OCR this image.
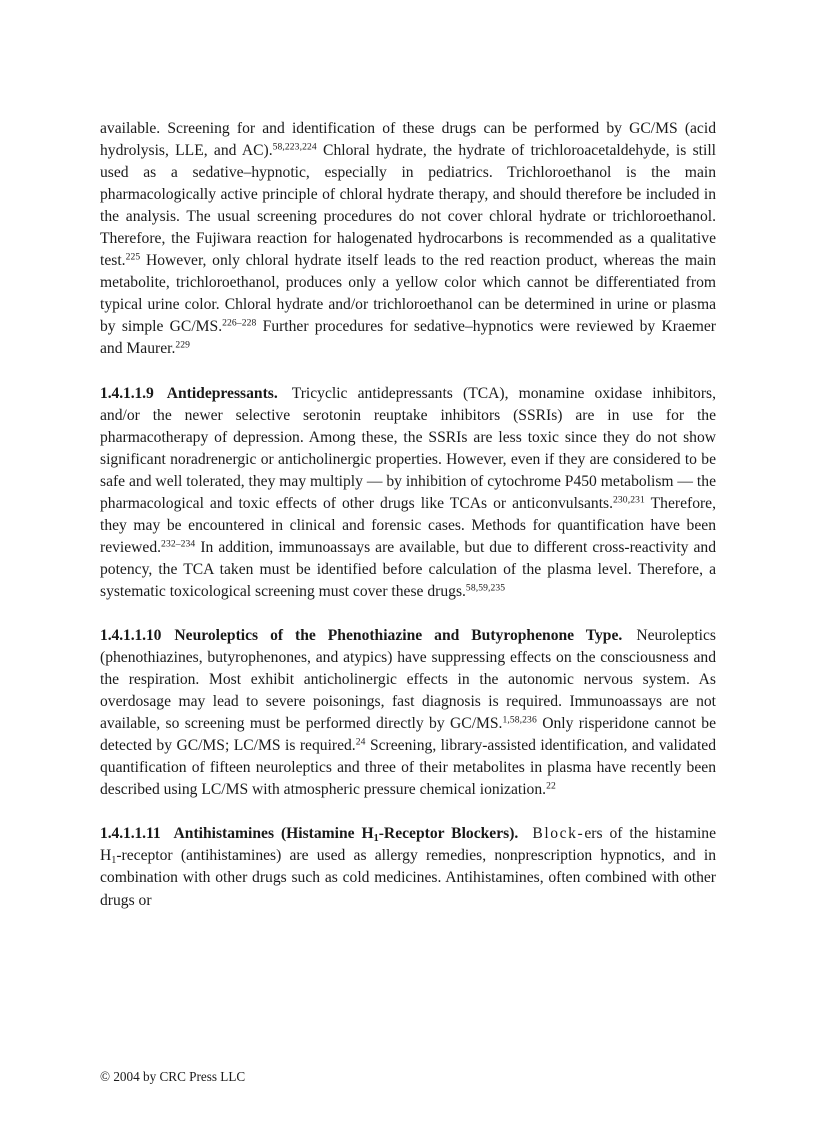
available. Screening for and identification of these drugs can be performed by GC/MS (acid hydrolysis, LLE, and AC).$^{58,223,224}$ Chloral hydrate, the hydrate of trichloroacetaldehyde, is still used as a sedative–hypnotic, especially in pediatrics. Trichloroethanol is the main pharmacologically active principle of chloral hydrate therapy, and should therefore be included in the analysis. The usual screening procedures do not cover chloral hydrate or trichloroethanol. Therefore, the Fujiwara reaction for halogenated hydrocarbons is recommended as a qualitative test.$^{225}$ However, only chloral hydrate itself leads to the red reaction product, whereas the main metabolite, trichloroethanol, produces only a yellow color which cannot be differentiated from typical urine color. Chloral hydrate and/or trichloroethanol can be determined in urine or plasma by simple GC/MS.$^{226-228}$ Further procedures for sedative–hypnotics were reviewed by Kraemer and Maurer.$^{229}$

1.4.1.1.9 Antidepressants. Tricyclic antidepressants (TCA), monamine oxidase inhibitors, and/or the newer selective serotonin reuptake inhibitors (SSRIs) are in use for the pharmacotherapy of depression. Among these, the SSRIs are less toxic since they do not show significant noradrenergic or anticholinergic properties. However, even if they are considered to be safe and well tolerated, they may multiply — by inhibition of cytochrome P450 metabolism — the pharmacological and toxic effects of other drugs like TCAs or anticonvulsants.$^{230,231}$ Therefore, they may be encountered in clinical and forensic cases. Methods for quantification have been reviewed.$^{232-234}$ In addition, immunoassays are available, but due to different cross-reactivity and potency, the TCA taken must be identified before calculation of the plasma level. Therefore, a systematic toxicological screening must cover these drugs.$^{58,59,235}$

1.4.1.1.10 Neuroleptics of the Phenothiazine and Butyrophenone Type. Neuroleptics (phenothiazines, butyrophenones, and atypics) have suppressing effects on the consciousness and the respiration. Most exhibit anticholinergic effects in the autonomic nervous system. As overdosage may lead to severe poisonings, fast diagnosis is required. Immunoassays are not available, so screening must be performed directly by GC/MS.$^{1,58,236}$ Only risperidone cannot be detected by GC/MS; LC/MS is required.$^{24}$ Screening, library-assisted identification, and validated quantification of fifteen neuroleptics and three of their metabolites in plasma have recently been described using LC/MS with atmospheric pressure chemical ionization.$^{22}$

1.4.1.1.11 Antihistamines (Histamine $H_1$-Receptor Blockers). Block-ers of the histamine $H_1$-receptor (antihistamines) are used as allergy remedies, nonprescription hypnotics, and in combination with other drugs such as cold medicines. Antihistamines, often combined with other drugs or

© 2004 by CRC Press LLC
